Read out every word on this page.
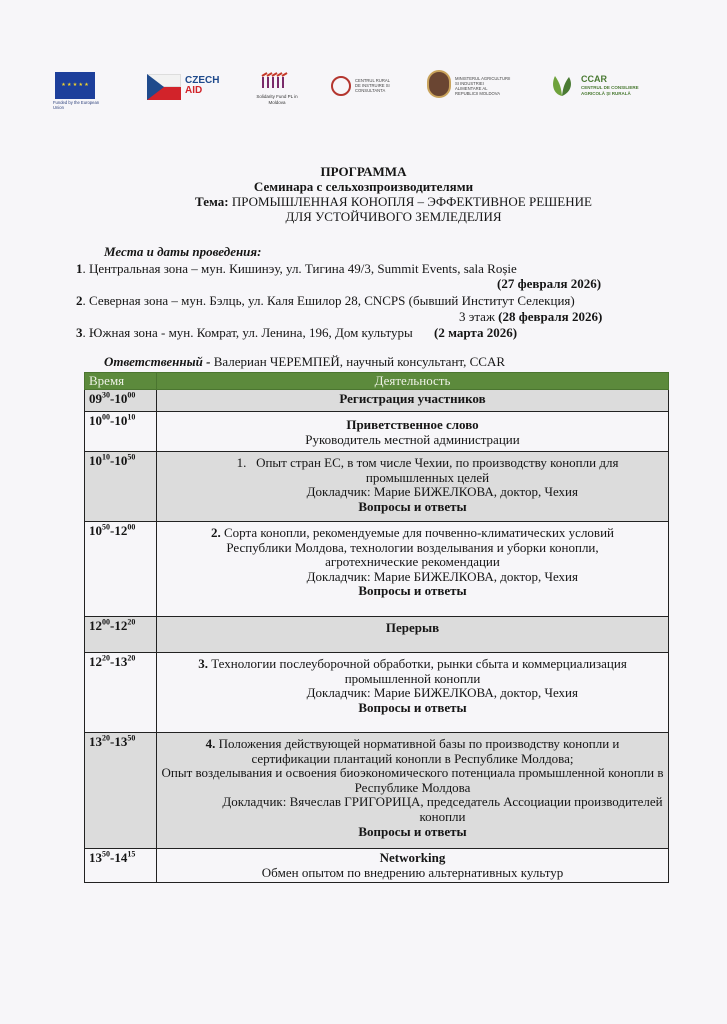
★ ★ ★ ★ ★
Funded by the European Union
CZECH
AID
Solidarity Fund PL in Moldova
CENTRUL RURAL DE INSTRUIRE SI CONSULTANTA
MINISTERUL AGRICULTURII SI INDUSTRIEI ALIMENTARE AL REPUBLICII MOLDOVA
CCAR
CENTRUL DE CONSILIERE AGRICOLĂ ȘI RURALĂ
ПРОГРАММА
Семинара с сельхозпроизводителями
Тема: ПРОМЫШЛЕННАЯ КОНОПЛЯ – ЭФФЕКТИВНОЕ РЕШЕНИЕ
ДЛЯ УСТОЙЧИВОГО ЗЕМЛЕДЕЛИЯ
Места и даты проведения:
1. Центральная зона – мун. Кишинэу, ул. Тигина 49/3, Summit Events, sala Roșie
(27 февраля 2026)
2. Северная зона – мун. Бэлць, ул. Каля Ешилор 28, CNCPS (бывший Институт Селекция)
3 этаж (28 февраля 2026)
3. Южная зона - мун. Комрат, ул. Ленина, 196, Дом культуры (2 марта 2026)
Ответственный - Валериан ЧЕРЕМПЕЙ, научный консультант, CCAR
Время	Деятельность
$09^{30}-10^{00}$	Регистрация участников
$10^{00}-10^{10}$	Приветственное слово
Руководитель местной администрации

$10^{10}-10^{50}$	1. Опыт стран ЕС, в том числе Чехии, по производству конопли для промышленных целей
Докладчик: Марие БИЖЕЛКОВА, доктор, Чехия
Вопросы и ответы

$10^{50}-12^{00}$	2. Сорта конопли, рекомендуемые для почвенно-климатических условий Республики Молдова, технологии возделывания и уборки конопли, агротехнические рекомендации
Докладчик: Марие БИЖЕЛКОВА, доктор, Чехия
Вопросы и ответы

$12^{00}-12^{20}$	Перерыв
$12^{20}-13^{20}$	3. Технологии послеуборочной обработки, рынки сбыта и коммерциализация промышленной конопли
Докладчик: Марие БИЖЕЛКОВА, доктор, Чехия
Вопросы и ответы

$13^{20}-13^{50}$	4. Положения действующей нормативной базы по производству конопли и сертификации плантаций конопли в Республике Молдова;
Опыт возделывания и освоения биоэкономического потенциала промышленной конопли в Республике Молдова
Докладчик: Вячеслав ГРИГОРИЦА, председатель Ассоциации производителей конопли
Вопросы и ответы

$13^{50}-14^{15}$	Networking
Обмен опытом по внедрению альтернативных культур
